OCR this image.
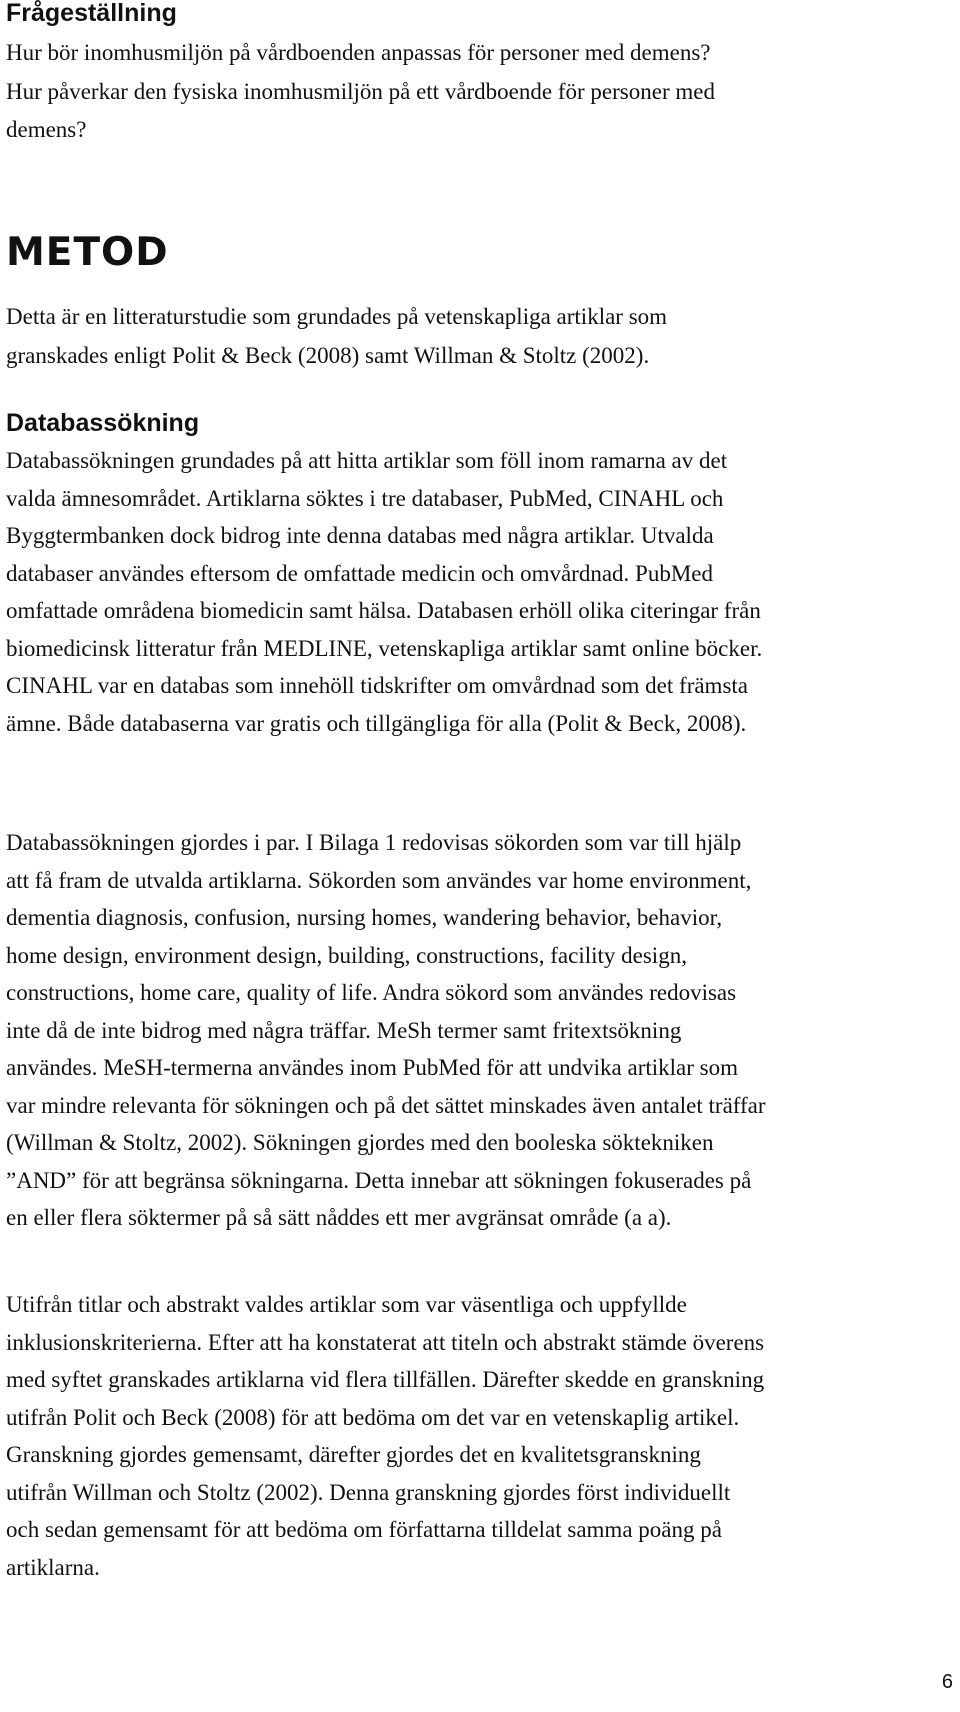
Frågeställning

Hur bör inomhusmiljön på vårdboenden anpassas för personer med demens?

Hur påverkar den fysiska inomhusmiljön på ett vårdboende för personer med

demens?

METOD

Detta är en litteraturstudie som grundades på vetenskapliga artiklar som

granskades enligt Polit & Beck (2008) samt Willman & Stoltz (2002).

Databassökning

Databassökningen grundades på att hitta artiklar som föll inom ramarna av det

valda ämnesområdet. Artiklarna söktes i tre databaser, PubMed, CINAHL och

Byggtermbanken dock bidrog inte denna databas med några artiklar. Utvalda

databaser användes eftersom de omfattade medicin och omvårdnad. PubMed

omfattade områdena biomedicin samt hälsa. Databasen erhöll olika citeringar från

biomedicinsk litteratur från MEDLINE, vetenskapliga artiklar samt online böcker.

CINAHL var en databas som innehöll tidskrifter om omvårdnad som det främsta

ämne. Både databaserna var gratis och tillgängliga för alla (Polit & Beck, 2008).

Databassökningen gjordes i par. I Bilaga 1 redovisas sökorden som var till hjälp

att få fram de utvalda artiklarna. Sökorden som användes var home environment,

dementia diagnosis, confusion, nursing homes, wandering behavior, behavior,

home design, environment design, building, constructions, facility design,

constructions, home care, quality of life. Andra sökord som användes redovisas

inte då de inte bidrog med några träffar. MeSh termer samt fritextsökning

användes. MeSH-termerna användes inom PubMed för att undvika artiklar som

var mindre relevanta för sökningen och på det sättet minskades även antalet träffar

(Willman & Stoltz, 2002). Sökningen gjordes med den booleska söktekniken

”AND” för att begränsa sökningarna. Detta innebar att sökningen fokuserades på

en eller flera söktermer på så sätt nåddes ett mer avgränsat område (a a).

Utifrån titlar och abstrakt valdes artiklar som var väsentliga och uppfyllde

inklusionskriterierna. Efter att ha konstaterat att titeln och abstrakt stämde överens

med syftet granskades artiklarna vid flera tillfällen. Därefter skedde en granskning

utifrån Polit och Beck (2008) för att bedöma om det var en vetenskaplig artikel.

Granskning gjordes gemensamt, därefter gjordes det en kvalitetsgranskning

utifrån Willman och Stoltz (2002). Denna granskning gjordes först individuellt

och sedan gemensamt för att bedöma om författarna tilldelat samma poäng på

artiklarna.

6
